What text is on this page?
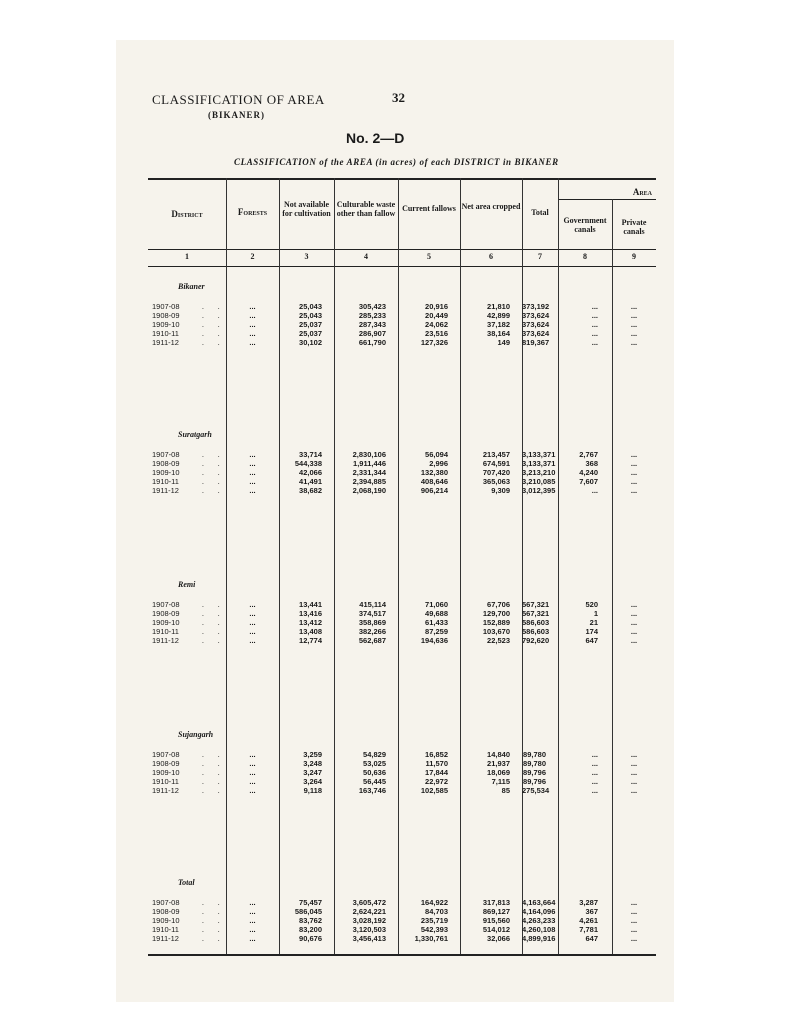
CLASSIFICATION OF AREA	32
(BIKANER)
No. 2—D
CLASSIFICATION of the AREA (in acres) of each DISTRICT in BIKANER
Area
District
1
Forests
2
Not available for cultivation
3
Culturable waste other than fallow
4
Current fallows
5
Net area cropped
6
Total
7
Government canals
8
Private canals
9
Bikaner
1907-08	. .	...	25,043	305,423	20,916	21,810 373,192	...	...
1908-09	. .	...	25,043	285,233	20,449	42,899 373,624	...	...
1909-10	. .	...	25,037	287,343	24,062	37,182 373,624	...	...
1910-11	. .	...	25,037	286,907	23,516	38,164 373,624	...	...
1911-12	. .	...	30,102	661,790	127,326	149 819,367	...	...
Suratgarh
1907-08	. .	...	33,714	2,830,106	56,094	213,457 3,133,371	2,767	...
1908-09	. .	...	544,338	1,911,446	2,996	674,591 3,133,371	368	...
1909-10	. .	...	42,066	2,331,344	132,380	707,420 3,213,210	4,240	...
1910-11	. .	...	41,491	2,394,885	408,646	365,063 3,210,085	7,607	...
1911-12	. .	...	38,682	2,068,190	906,214	9,309 3,012,395	...	...
Remi
1907-08	. .	...	13,441	415,114	71,060	67,706 567,321	520	...
1908-09	. .	...	13,416	374,517	49,688	129,700 567,321	1	...
1909-10	. .	...	13,412	358,869	61,433	152,889 586,603	21	...
1910-11	. .	...	13,408	382,266	87,259	103,670 586,603	174	...
1911-12	. .	...	12,774	562,687	194,636	22,523 792,620	647	...
Sujangarh
1907-08	. .	...	3,259	54,829	16,852	14,840 89,780	...	...
1908-09	. .	...	3,248	53,025	11,570	21,937 89,780	...	...
1909-10	. .	...	3,247	50,636	17,844	18,069 89,796	...	...
1910-11	. .	...	3,264	56,445	22,972	7,115 89,796	...	...
1911-12	. .	...	9,118	163,746	102,585	85 275,534	...	...
Total
1907-08	. .	...	75,457	3,605,472	164,922	317,813 4,163,664	3,287	...
1908-09	. .	...	586,045	2,624,221	84,703	869,127 4,164,096	367	...
1909-10	. .	...	83,762	3,028,192	235,719	915,560 4,263,233	4,261	...
1910-11	. .	...	83,200	3,120,503	542,393	514,012 4,260,108	7,781	...
1911-12	. .	...	90,676	3,456,413	1,330,761	32,066 4,899,916	647	...
